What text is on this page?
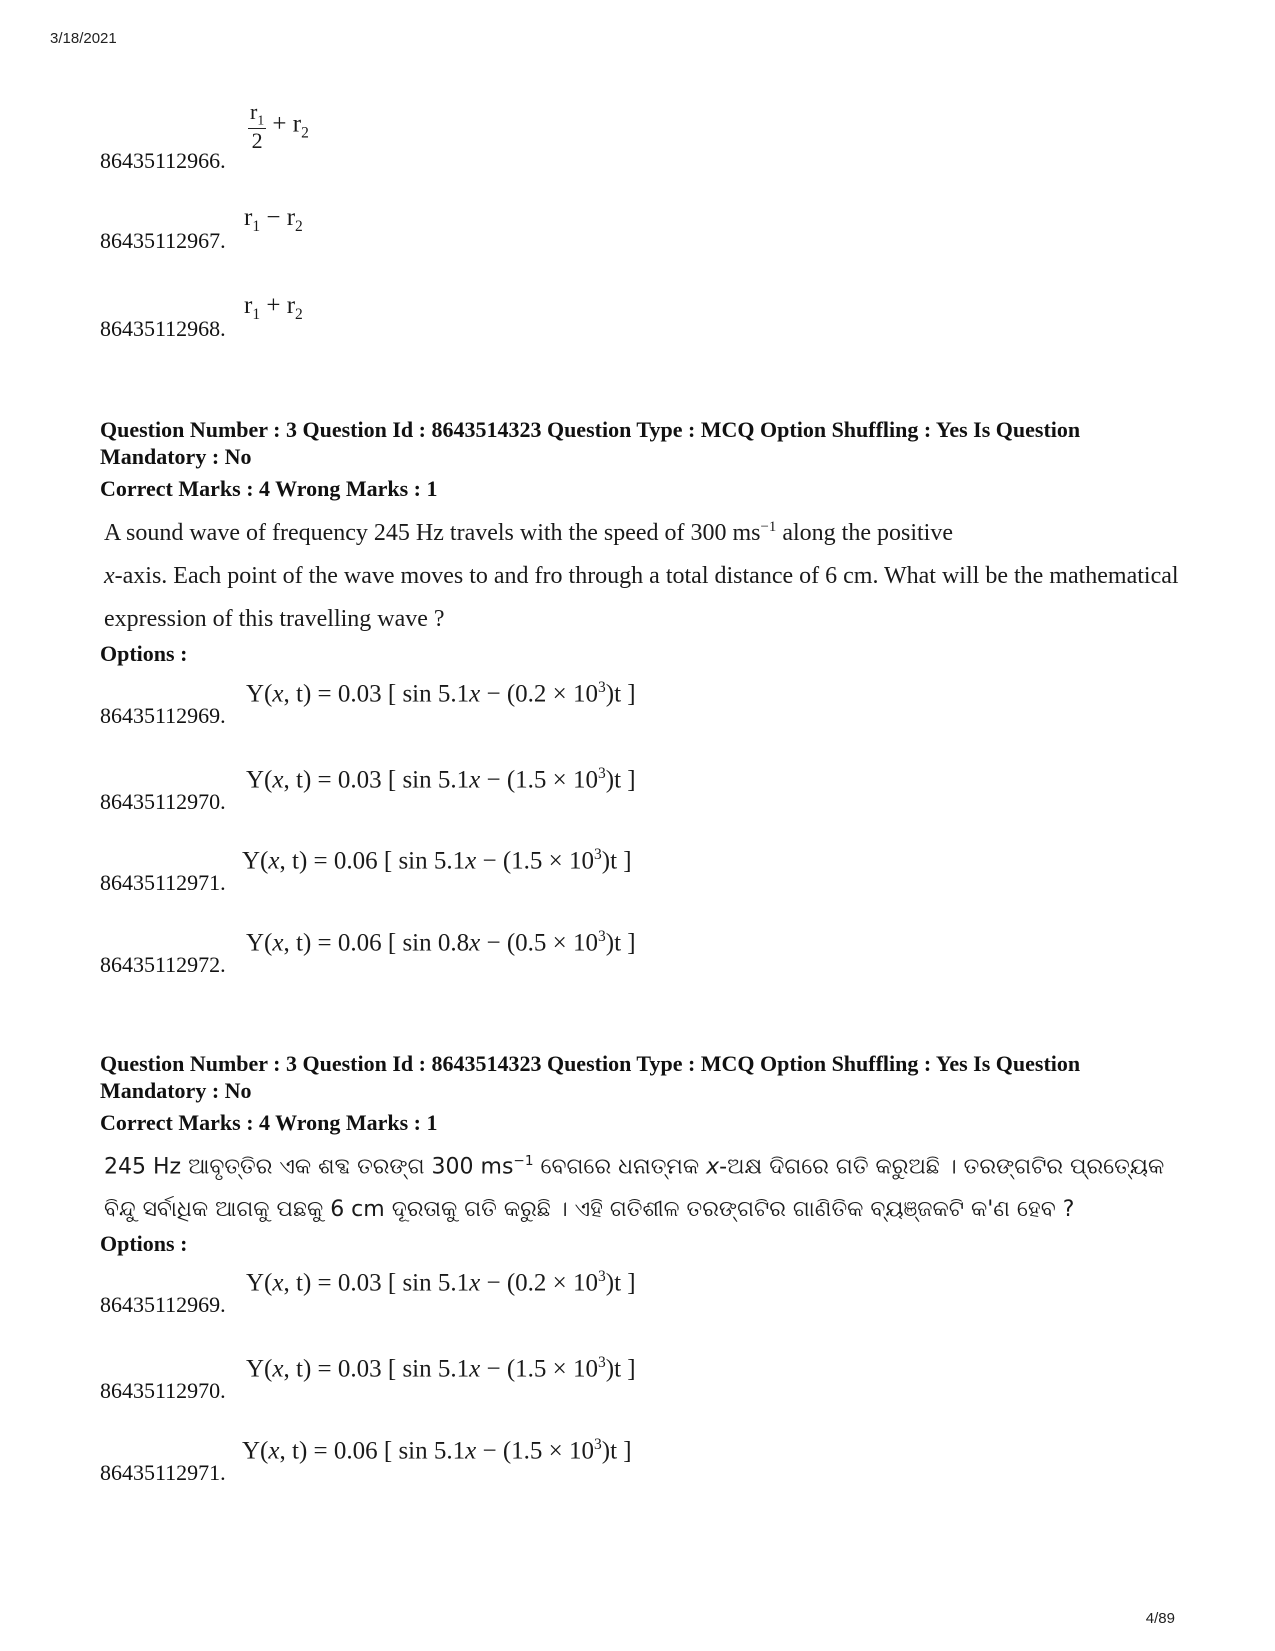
3/18/2021
86435112966.
$\frac{r_1}{2} + r_2$
86435112967.
$r_1 - r_2$
86435112968.
$r_1 + r_2$
Question Number : 3 Question Id : 8643514323 Question Type : MCQ Option Shuffling : Yes Is Question Mandatory : No
Correct Marks : 4 Wrong Marks : 1
A sound wave of frequency 245 Hz travels with the speed of 300 $ms^{-1}$ along the positive
x-axis. Each point of the wave moves to and fro through a total distance of 6 cm. What will be the mathematical expression of this travelling wave ?
Options :
86435112969.
Y(x, t) = 0.03 [ $\sin 5.1x - (0.2 \times 10^3)t$ ]
86435112970.
Y(x, t) = 0.03 [ $\sin 5.1x - (1.5 \times 10^3)t$ ]
86435112971.
Y(x, t) = 0.06 [ $\sin 5.1x - (1.5 \times 10^3)t$ ]
86435112972.
Y(x, t) = 0.06 [ $\sin 0.8x - (0.5 \times 10^3)t$ ]
Question Number : 3 Question Id : 8643514323 Question Type : MCQ Option Shuffling : Yes Is Question Mandatory : No
Correct Marks : 4 Wrong Marks : 1
245 Hz ଆବୃତ୍ତିର ଏକ ଶବ୍ଦ ତରଙ୍ଗ 300 $ms^{-1}$ ବେଗରେ ଧନାତ୍ମକ x-ଅକ୍ଷ ଦିଗରେ ଗତି କରୁଅଛି । ତରଙ୍ଗଟିର ପ୍ରତ୍ୟେକ ବିନ୍ଦୁ ସର୍ବାଧିକ ଆଗକୁ ପଛକୁ 6 cm ଦୂରତାକୁ ଗତି କରୁଛି । ଏହି ଗତିଶୀଳ ତରଙ୍ଗଟିର ଗାଣିତିକ ବ୍ୟଞ୍ଜକଟି କ'ଣ ହେବ ?
Options :
86435112969.
Y(x, t) = 0.03 [ $\sin 5.1x - (0.2 \times 10^3)t$ ]
86435112970.
Y(x, t) = 0.03 [ $\sin 5.1x - (1.5 \times 10^3)t$ ]
86435112971.
Y(x, t) = 0.06 [ $\sin 5.1x - (1.5 \times 10^3)t$ ]
4/89
